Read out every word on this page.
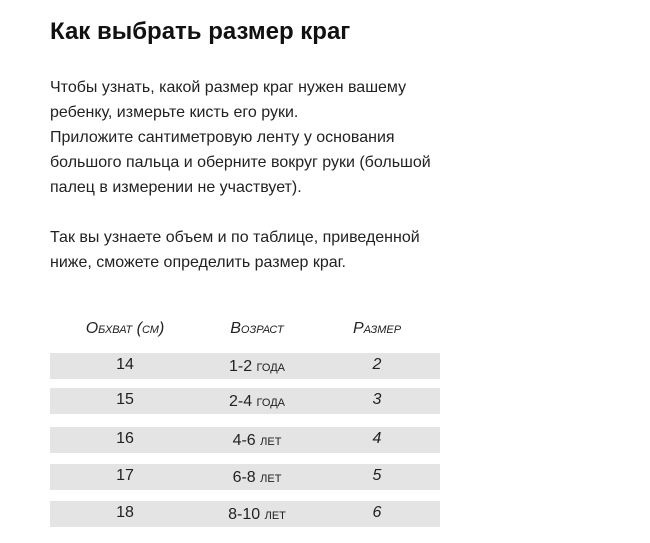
Как выбрать размер краг

Чтобы узнать, какой размер краг нужен вашему

ребенку, измерьте кисть его руки.

Приложите сантиметровую ленту у основания

большого пальца и оберните вокруг руки (большой

палец в измерении не участвует).

Так вы узнаете объем и по таблице, приведенной

ниже, сможете определить размер краг.

Обхват (см)	Возраст	Размер
14	1-2 года	2
15	2-4 года	3
16	4-6 лет	4
17	6-8 лет	5
18	8-10 лет	6
